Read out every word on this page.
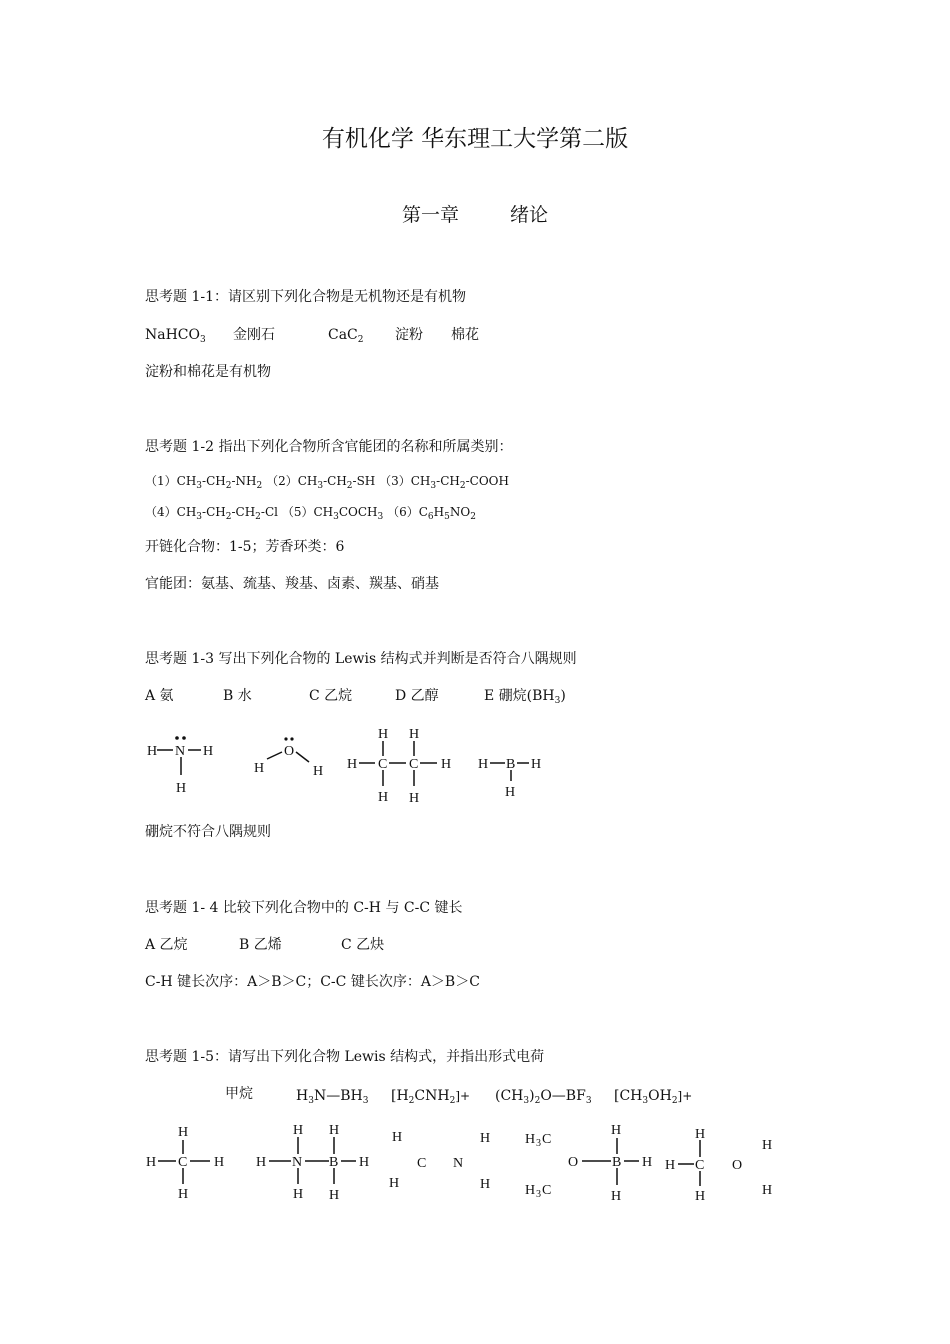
有机化学 华东理工大学第二版
第一章　 绪论
思考题 1-1：请区别下列化合物是无机物还是有机物
NaHCO$_3$ 金刚石	CaC$_2$ 淀粉 棉花
淀粉和棉花是有机物
思考题 1-2 指出下列化合物所含官能团的名称和所属类别：
$(1)CH_3-CH_2-NH_2$ $(2)CH_3-CH_2-SH$ $(3)CH_3-CH_2$-COOH
$(4)CH_3-CH_2-CH_2-Cl$ $(5)CH_3COCH_3$ $(6)C_6H_5NO_2$
开链化合物：1-5；芳香环类：6
官能团：氨基、巯基、羧基、卤素、羰基、硝基
思考题 1-3 写出下列化合物的 Lewis 结构式并判断是否符合八隅规则
A 氨	B 水	C 乙烷	D 乙醇	E 硼烷$(BH_3)$
H N H
H
O
H	H
H H
H C C H
H H
H B H
H
硼烷不符合八隅规则
思考题 1- 4 比较下列化合物中的 C-H 与 C-C 键长
A 乙烷	B 乙烯	C 乙炔
C-H 键长次序：A＞B＞C；C-C 键长次序：A＞B＞C
思考题 1-5：请写出下列化合物 Lewis 结构式，并指出形式电荷
甲烷	$H_3N—BH_3$ $[H_2CNH_2]+$ $(CH_3)_2O—BF_3$ $[CH_3OH_2]+$
H
H C H
H
H H
H N B H
H H
H	H
C N
H	H
H 3 C
H 3 C
O
H
B H
H
H
H C O
H
H	H
